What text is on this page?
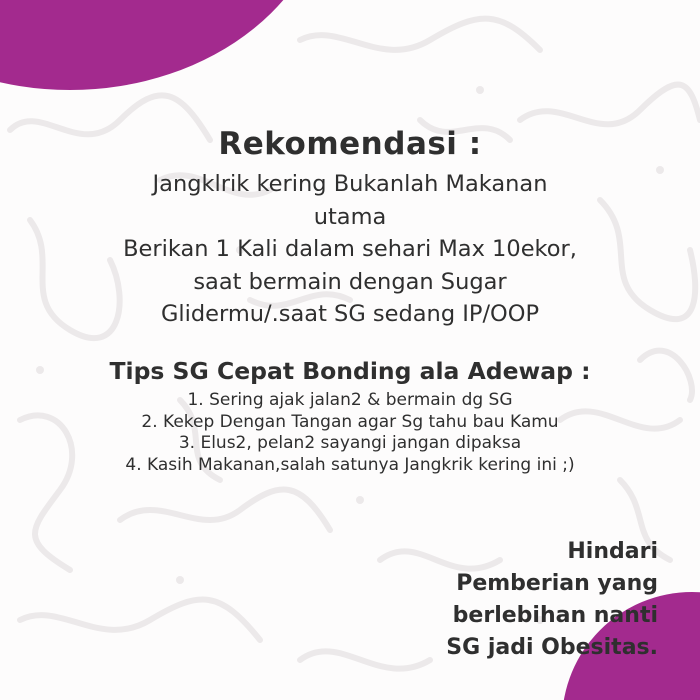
Rekomendasi :
Jangklrik kering Bukanlah Makanan
utama
Berikan 1 Kali dalam sehari Max 10ekor,
saat bermain dengan Sugar
Glidermu/.saat SG sedang IP/OOP
Tips SG Cepat Bonding ala Adewap :
1. Sering ajak jalan2 & bermain dg SG
2. Kekep Dengan Tangan agar Sg tahu bau Kamu
3. Elus2, pelan2 sayangi jangan dipaksa
4. Kasih Makanan,salah satunya Jangkrik kering ini ;)
Hindari
Pemberian yang
berlebihan nanti
SG jadi Obesitas.
